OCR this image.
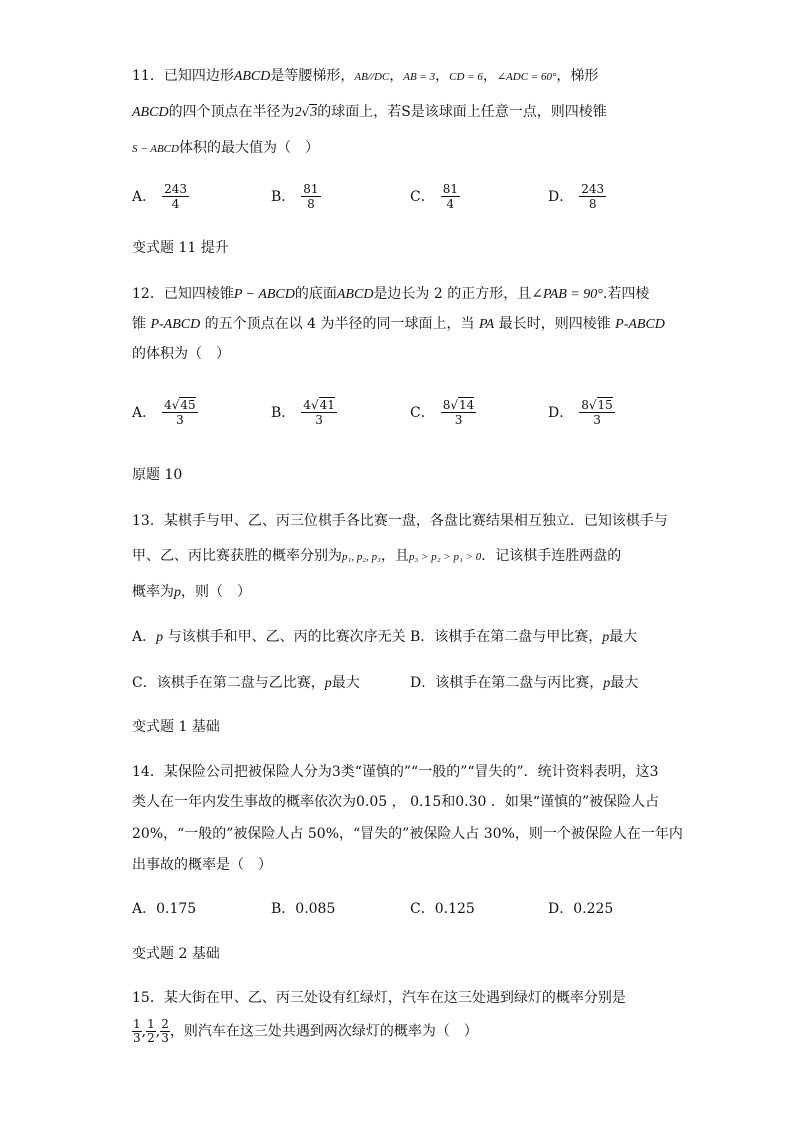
11．已知四边形ABCD是等腰梯形，AB//DC，AB = 3，CD = 6，∠ADC = 60°，梯形
ABCD的四个顶点在半径为2√3的球面上，若S是该球面上任意一点，则四棱锥
S − ABCD体积的最大值为（　）
A． $\frac{243}{4}$	B． $\frac{81}{8}$	C． $\frac{81}{4}$	D． $\frac{243}{8}$
变式题 11 提升
12．已知四棱锥P − ABCD的底面ABCD是边长为 2 的正方形，且∠PAB = 90°.若四棱
锥 P-ABCD 的五个顶点在以 4 为半径的同一球面上，当 PA 最长时，则四棱锥 P-ABCD
的体积为（　）
A． $\frac{4√45}{3}$	B． $\frac{4√41}{3}$	C． $\frac{8√14}{3}$	D． $\frac{8√15}{3}$
原题 10
13．某棋手与甲、乙、丙三位棋手各比赛一盘，各盘比赛结果相互独立．已知该棋手与
甲、乙、丙比赛获胜的概率分别为p₁, p₂, p₃，且p₃ > p₂ > p₁ > 0．记该棋手连胜两盘的
概率为p，则（　）
A．p 与该棋手和甲、乙、丙的比赛次序无关 B．该棋手在第二盘与甲比赛，p最大
C．该棋手在第二盘与乙比赛，p最大	D．该棋手在第二盘与丙比赛，p最大
变式题 1 基础
14．某保险公司把被保险人分为3类“谨慎的”“一般的”“冒失的”．统计资料表明，这3
类人在一年内发生事故的概率依次为0.05 ， 0.15和0.30 ．如果“谨慎的”被保险人占
20%，“一般的”被保险人占 50%，“冒失的”被保险人占 30%，则一个被保险人在一年内
出事故的概率是（　）
A．0.175	B．0.085	C．0.125	D．0.225
变式题 2 基础
15．某大街在甲、乙、丙三处设有红绿灯，汽车在这三处遇到绿灯的概率分别是
$\frac{1}{3}$ , $\frac{1}{2}$ , $\frac{2}{3}$ ，则汽车在这三处共遇到两次绿灯的概率为（　）
